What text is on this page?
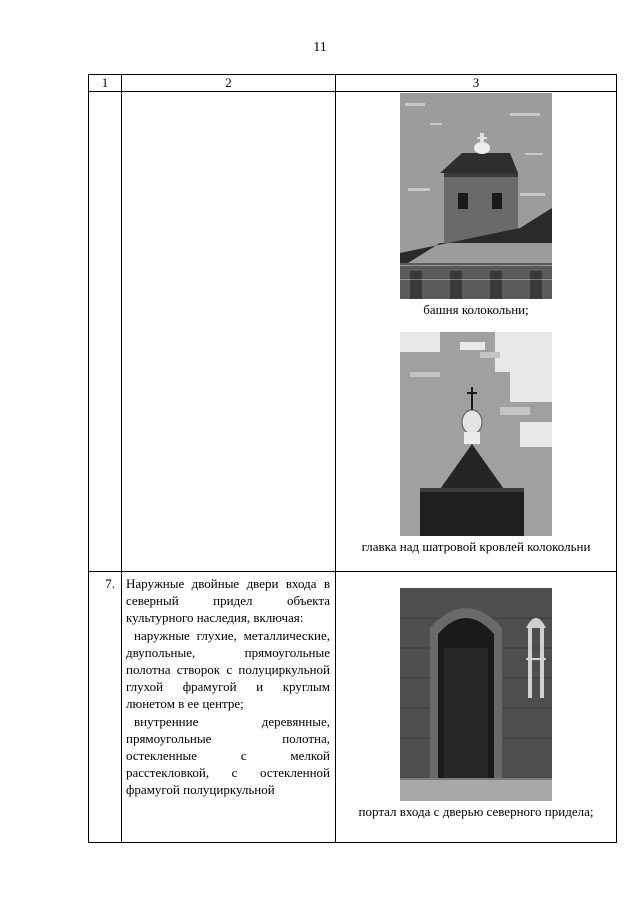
11
1	2	3

		башня колокольни;
главка над шатровой кровлей колокольни

7.	Наружные двойные двери входа в северный придел объекта культурного наследия, включая:

наружные глухие, металлические, двупольные, прямоугольные полотна створок с полуциркульной глухой фрамугой и круглым люнетом в ее центре;

внутренние деревянные, прямоугольные полотна, остекленные с мелкой расстекловкой, с остекленной фрамугой полуциркульной	портал входа с дверью северного придела;
